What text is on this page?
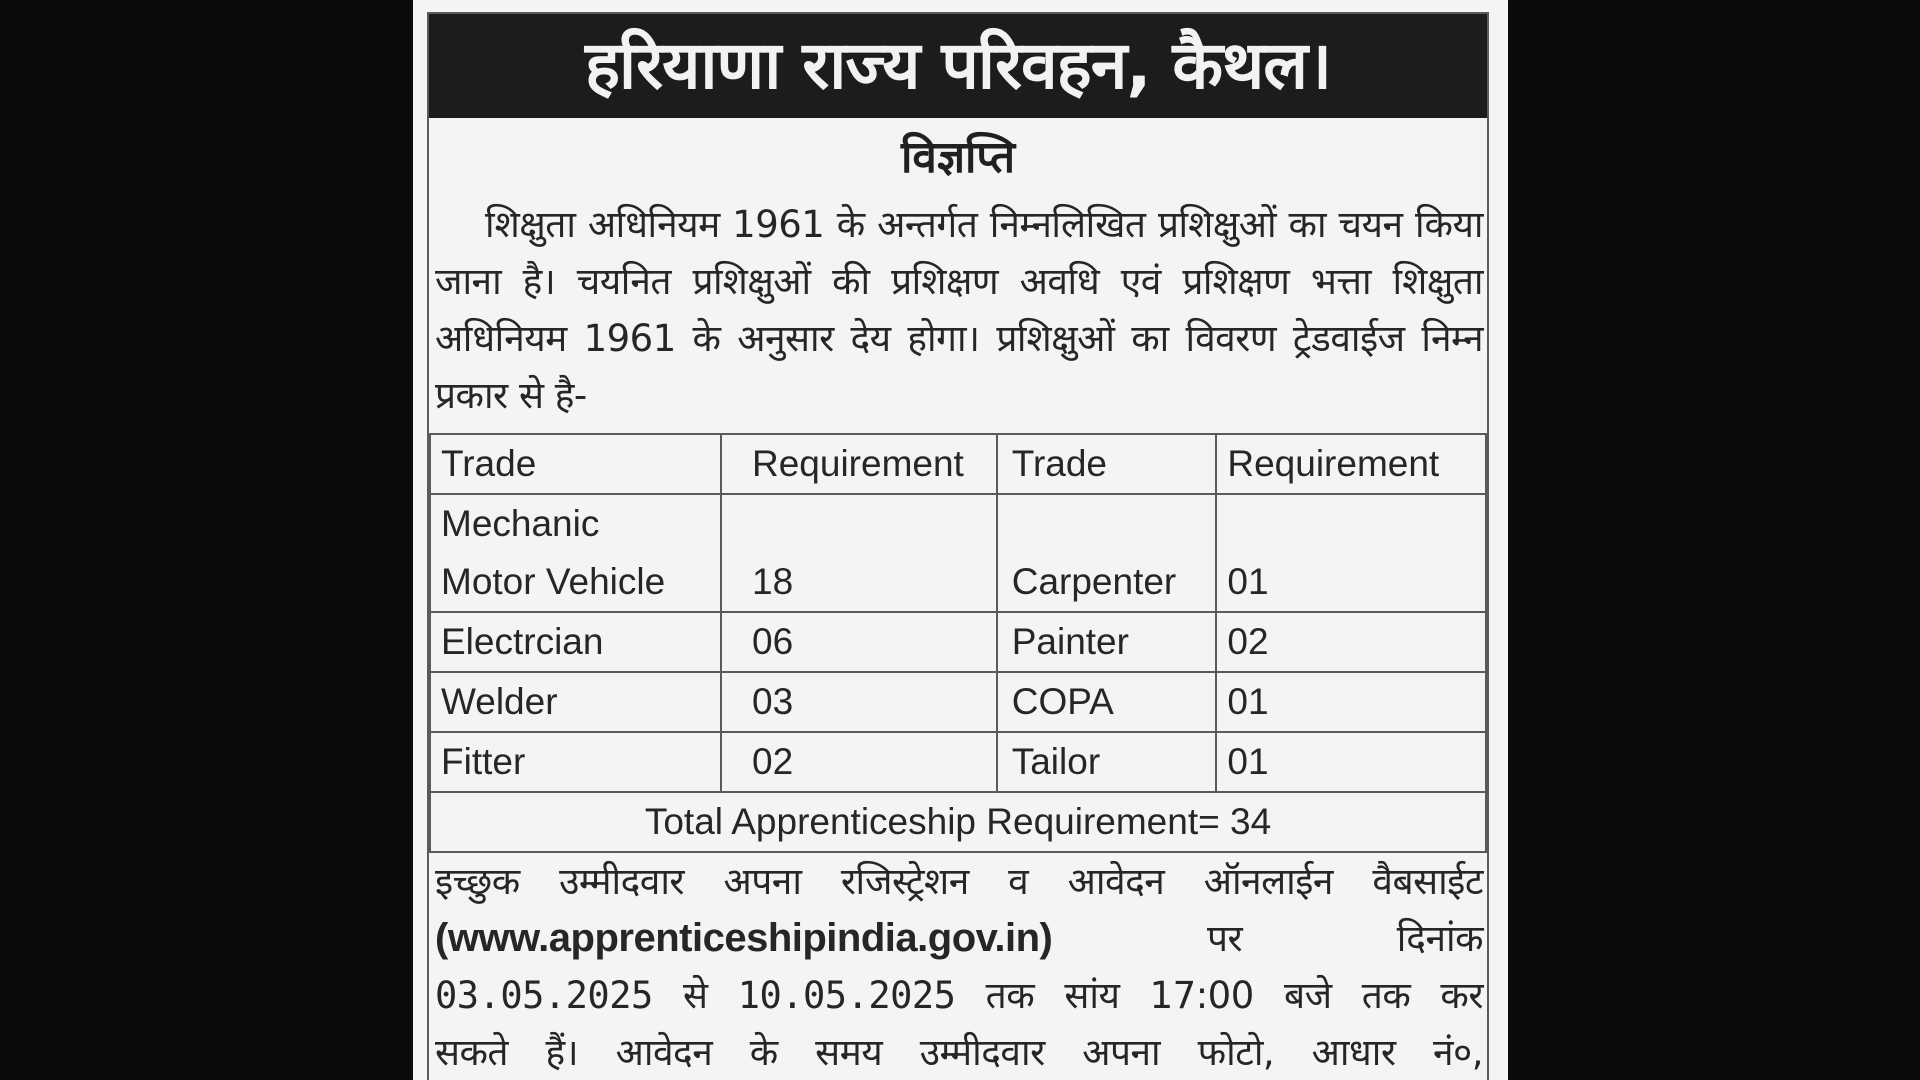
हरियाणा राज्य परिवहन, कैथल।
विज्ञप्ति
शिक्षुता अधिनियम 1961 के अन्तर्गत निम्नलिखित प्रशिक्षुओं का चयन किया जाना है। चयनित प्रशिक्षुओं की प्रशिक्षण अवधि एवं प्रशिक्षण भत्ता शिक्षुता अधिनियम 1961 के अनुसार देय होगा। प्रशिक्षुओं का विवरण ट्रेडवाईज निम्न प्रकार से है-
Trade	Requirement	Trade	Requirement

Mechanic
Motor Vehicle	18	Carpenter	01
Electrcian	06	Painter	02
Welder	03	COPA	01
Fitter	02	Tailor	01
Total Apprenticeship Requirement= 34			
इच्छुक उम्मीदवार अपना रजिस्ट्रेशन व आवेदन ऑनलाईन वैबसाईट
(www.apprenticeshipindia.gov.in)	पर दिनांक
03.05.2025 से 10.05.2025 तक सांय 17:00 बजे तक कर
सकते हैं। आवेदन के समय उम्मीदवार अपना फोटो, आधार नं०,
